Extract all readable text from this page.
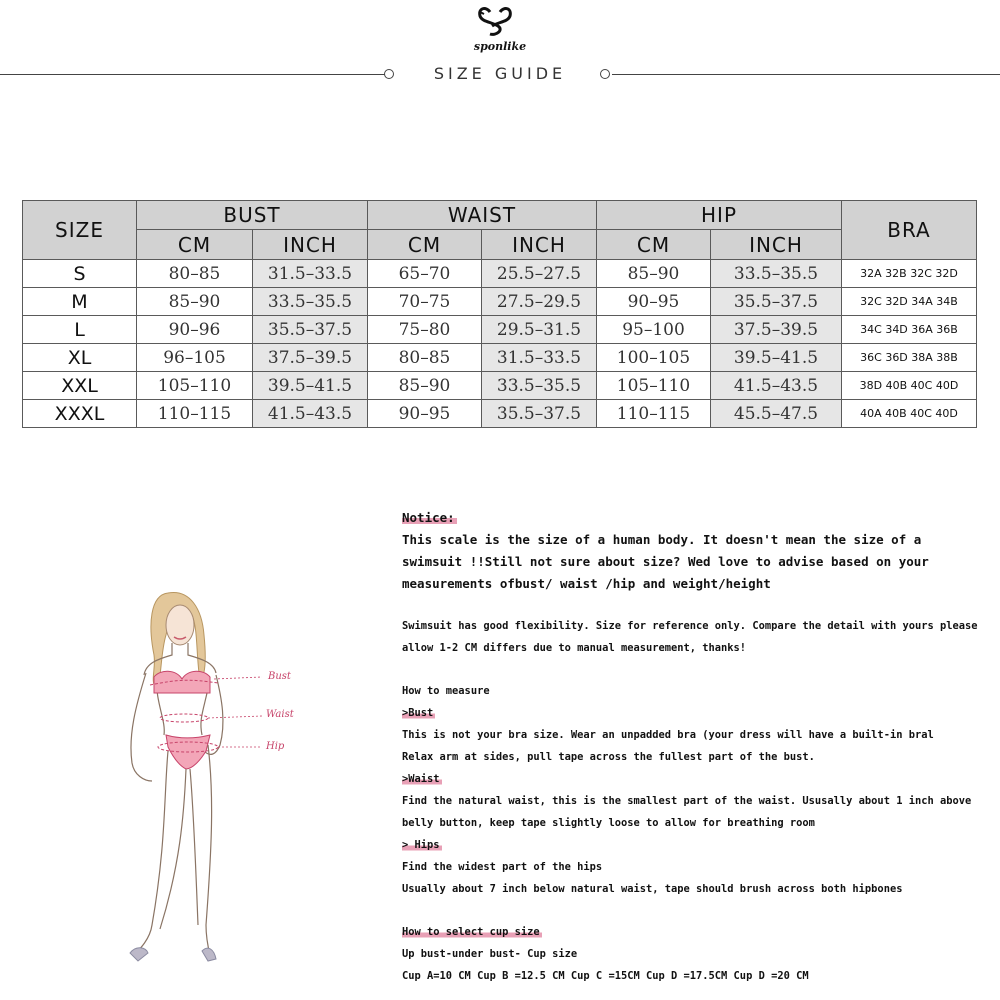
sponlike
SIZE GUIDE
SIZE	BUST		WAIST		HIP		BRA
	CM	INCH	CM	INCH	CM	INCH	
S	80–85	31.5–33.5	65–70	25.5–27.5	85–90	33.5–35.5	32A 32B 32C 32D
M	85–90	33.5–35.5	70–75	27.5–29.5	90–95	35.5–37.5	32C 32D 34A 34B
L	90–96	35.5–37.5	75–80	29.5–31.5	95–100	37.5–39.5	34C 34D 36A 36B
XL	96–105	37.5–39.5	80–85	31.5–33.5	100–105	39.5–41.5	36C 36D 38A 38B
XXL	105–110	39.5–41.5	85–90	33.5–35.5	105–110	41.5–43.5	38D 40B 40C 40D
XXXL	110–115	41.5–43.5	90–95	35.5–37.5	110–115	45.5–47.5	40A 40B 40C 40D
Bust
Waist
Hip
Notice:
This scale is the size of a human body. It doesn't mean the size of a
swimsuit !!Still not sure about size? Wed love to advise based on your
measurements ofbust/ waist /hip and weight/height
Swimsuit has good flexibility. Size for reference only. Compare the detail with yours please
allow 1-2 CM differs due to manual measurement, thanks!
How to measure
>Bust
This is not your bra size. Wear an unpadded bra (your dress will have a built-in bral
Relax arm at sides, pull tape across the fullest part of the bust.
>Waist
Find the natural waist, this is the smallest part of the waist. Ususally about 1 inch above
belly button, keep tape slightly loose to allow for breathing room
> Hips
Find the widest part of the hips
Usually about 7 inch below natural waist, tape should brush across both hipbones
How to select cup size
Up bust-under bust- Cup size
Cup A=10 CM Cup B =12.5 CM Cup C =15CM Cup D =17.5CM Cup D =20 CM
